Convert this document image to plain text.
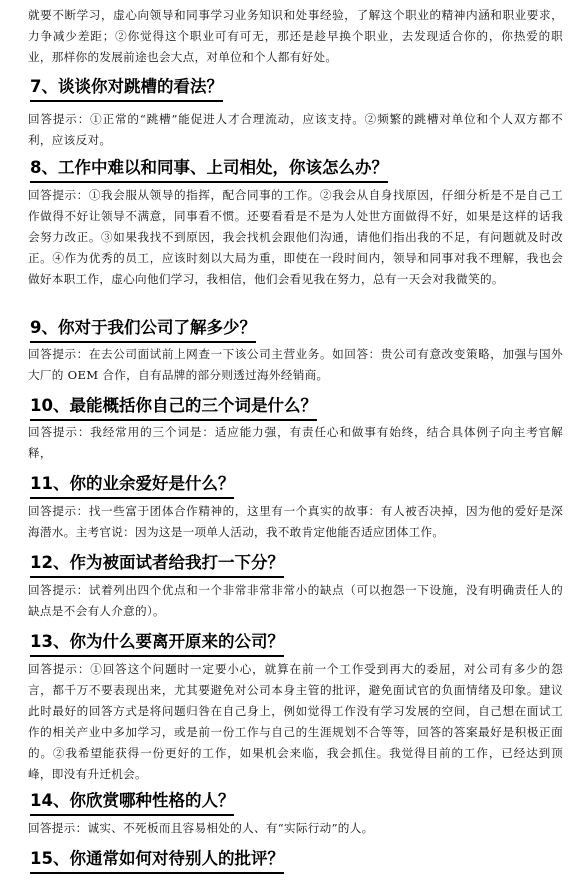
就要不断学习，虚心向领导和同事学习业务知识和处事经验，了解这个职业的精神内涵和职业要求，力争减少差距；②你觉得这个职业可有可无，那还是趁早换个职业，去发现适合你的，你热爱的职业，那样你的发展前途也会大点，对单位和个人都有好处。

7、谈谈你对跳槽的看法？

回答提示：①正常的“跳槽”能促进人才合理流动，应该支持。②频繁的跳槽对单位和个人双方都不利，应该反对。

8、工作中难以和同事、上司相处，你该怎么办？

回答提示：①我会服从领导的指挥，配合同事的工作。②我会从自身找原因，仔细分析是不是自己工作做得不好让领导不满意，同事看不惯。还要看看是不是为人处世方面做得不好，如果是这样的话我会努力改正。③如果我找不到原因，我会找机会跟他们沟通，请他们指出我的不足，有问题就及时改正。④作为优秀的员工，应该时刻以大局为重，即使在一段时间内，领导和同事对我不理解，我也会做好本职工作，虚心向他们学习，我相信，他们会看见我在努力，总有一天会对我微笑的。

9、你对于我们公司了解多少？

回答提示：在去公司面试前上网查一下该公司主营业务。如回答：贵公司有意改变策略，加强与国外大厂的 OEM 合作，自有品牌的部分则透过海外经销商。

10、最能概括你自己的三个词是什么？

回答提示：我经常用的三个词是：适应能力强，有责任心和做事有始终，结合具体例子向主考官解释，

11、你的业余爱好是什么？

回答提示：找一些富于团体合作精神的，这里有一个真实的故事：有人被否决掉，因为他的爱好是深海潜水。主考官说：因为这是一项单人活动，我不敢肯定他能否适应团体工作。

12、作为被面试者给我打一下分？

回答提示：试着列出四个优点和一个非常非常非常小的缺点（可以抱怨一下设施，没有明确责任人的缺点是不会有人介意的）。

13、你为什么要离开原来的公司？

回答提示：①回答这个问题时一定要小心，就算在前一个工作受到再大的委屈，对公司有多少的怨言，都千万不要表现出来，尤其要避免对公司本身主管的批评，避免面试官的负面情绪及印象。建议此时最好的回答方式是将问题归咎在自己身上，例如觉得工作没有学习发展的空间，自己想在面试工作的相关产业中多加学习，或是前一份工作与自己的生涯规划不合等等，回答的答案最好是积极正面的。②我希望能获得一份更好的工作，如果机会来临，我会抓住。我觉得目前的工作，已经达到顶峰，即没有升迁机会。

14、你欣赏哪种性格的人？

回答提示：诚实、不死板而且容易相处的人、有“实际行动”的人。

15、你通常如何对待别人的批评？
